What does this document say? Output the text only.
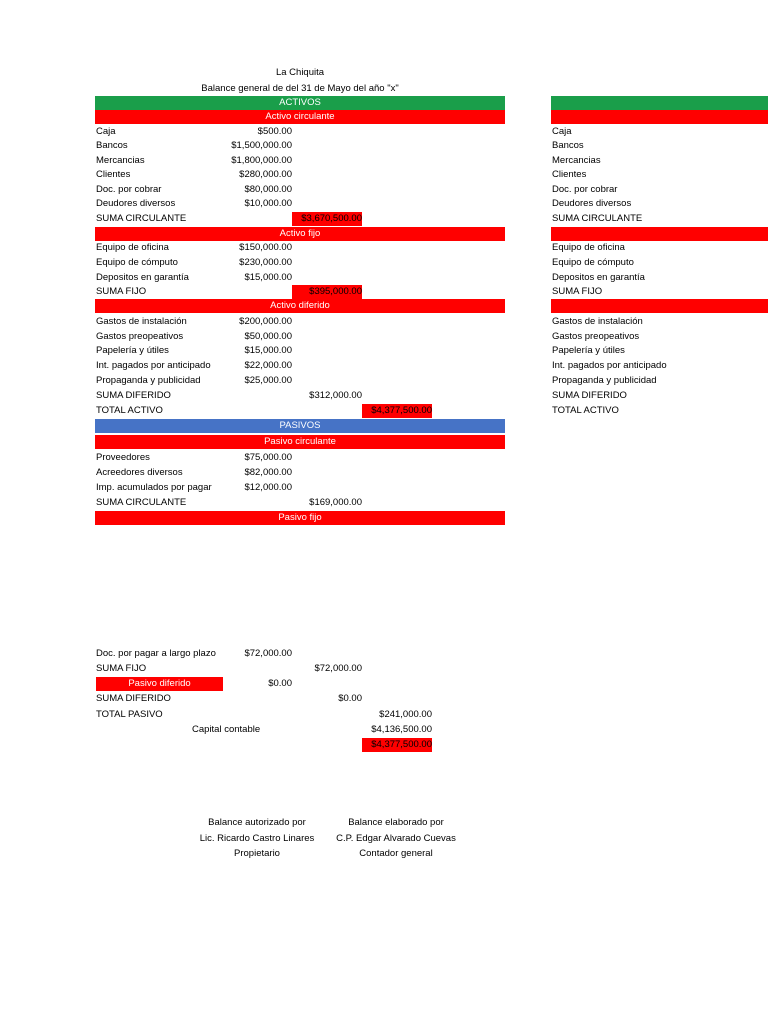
La Chiquita
Balance general de del 31 de Mayo del año "x"
ACTIVOS
Activo circulante
Caja	$500.00
Bancos	$1,500,000.00
Mercancias	$1,800,000.00
Clientes	$280,000.00
Doc. por cobrar	$80,000.00
Deudores diversos	$10,000.00
SUMA CIRCULANTE	$3,670,500.00
Activo fijo
Equipo de oficina	$150,000.00
Equipo de cómputo	$230,000.00
Depositos en garantía	$15,000.00
SUMA FIJO	$395,000.00
Activo diferido
Gastos de instalación	$200,000.00
Gastos preopeativos	$50,000.00
Papelería y útiles	$15,000.00
Int. pagados por anticipado	$22,000.00
Propaganda y publicidad	$25,000.00
SUMA DIFERIDO	$312,000.00
TOTAL ACTIVO	$4,377,500.00
PASIVOS
Pasivo circulante
Proveedores	$75,000.00
Acreedores diversos	$82,000.00
Imp. acumulados por pagar	$12,000.00
SUMA CIRCULANTE	$169,000.00
Pasivo fijo
Doc. por pagar a largo plazo	$72,000.00
SUMA FIJO	$72,000.00
Pasivo diferido	$0.00
SUMA DIFERIDO	$0.00
TOTAL PASIVO	$241,000.00
Capital contable	$4,136,500.00
$4,377,500.00
Balance autorizado por
Lic. Ricardo Castro Linares
Propietario
Balance elaborado por
C.P. Edgar Alvarado Cuevas
Contador general
Caja
Bancos
Mercancias
Clientes
Doc. por cobrar
Deudores diversos
SUMA CIRCULANTE
Equipo de oficina
Equipo de cómputo
Depositos en garantía
SUMA FIJO
Gastos de instalación
Gastos preopeativos
Papelería y útiles
Int. pagados por anticipado
Propaganda y publicidad
SUMA DIFERIDO
TOTAL ACTIVO
